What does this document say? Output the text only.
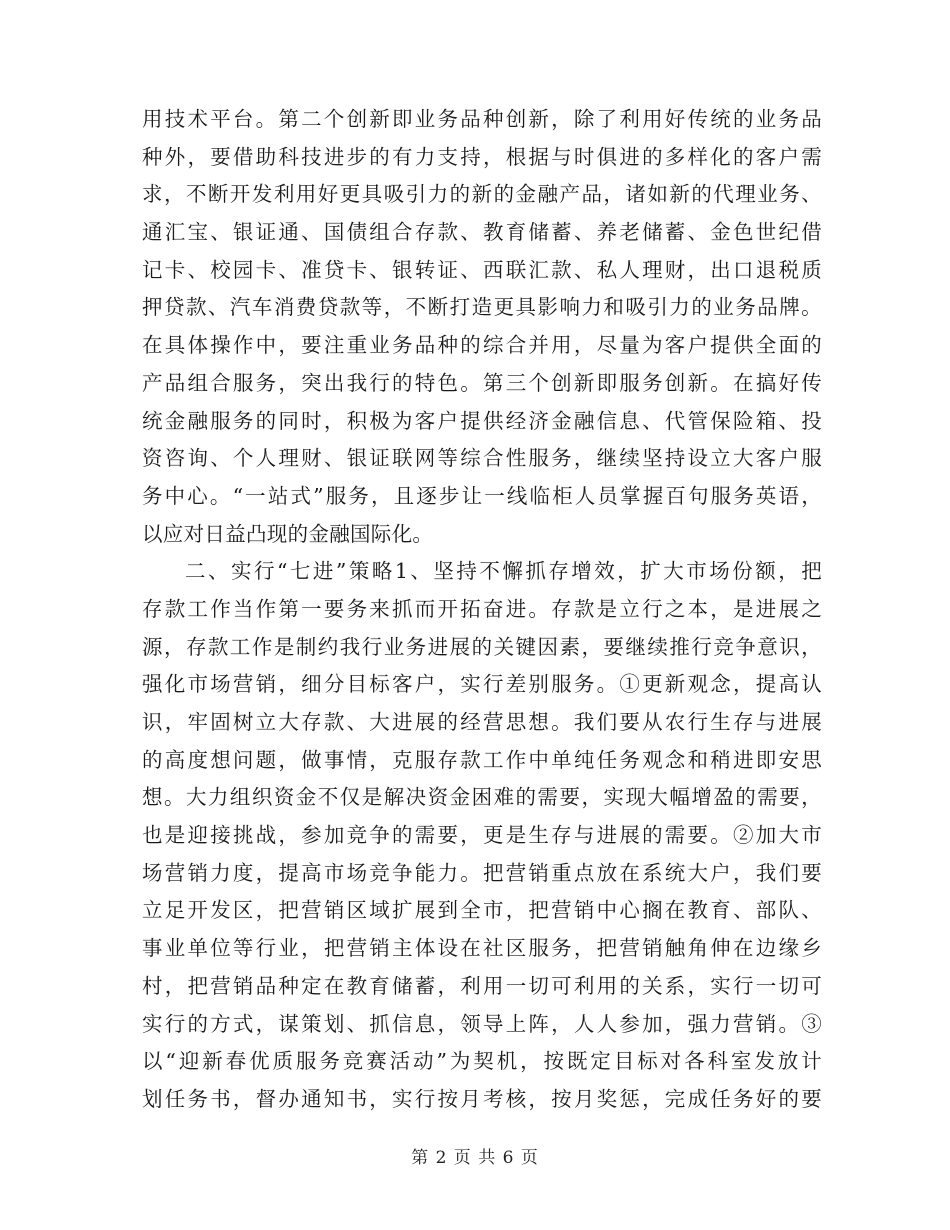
用技术平台。第二个创新即业务品种创新，除了利用好传统的业务品
种外，要借助科技进步的有力支持，根据与时俱进的多样化的客户需
求，不断开发利用好更具吸引力的新的金融产品，诸如新的代理业务、
通汇宝、银证通、国债组合存款、教育储蓄、养老储蓄、金色世纪借
记卡、校园卡、准贷卡、银转证、西联汇款、私人理财，出口退税质
押贷款、汽车消费贷款等，不断打造更具影响力和吸引力的业务品牌。
在具体操作中，要注重业务品种的综合并用，尽量为客户提供全面的
产品组合服务，突出我行的特色。第三个创新即服务创新。在搞好传
统金融服务的同时，积极为客户提供经济金融信息、代管保险箱、投
资咨询、个人理财、银证联网等综合性服务，继续坚持设立大客户服
务中心。“一站式”服务，且逐步让一线临柜人员掌握百句服务英语，
以应对日益凸现的金融国际化。
二、实行“七进”策略1、坚持不懈抓存增效，扩大市场份额，把
存款工作当作第一要务来抓而开拓奋进。存款是立行之本，是进展之
源，存款工作是制约我行业务进展的关键因素，要继续推行竞争意识，
强化市场营销，细分目标客户，实行差别服务。①更新观念，提高认
识，牢固树立大存款、大进展的经营思想。我们要从农行生存与进展
的高度想问题，做事情，克服存款工作中单纯任务观念和稍进即安思
想。大力组织资金不仅是解决资金困难的需要，实现大幅增盈的需要，
也是迎接挑战，参加竞争的需要，更是生存与进展的需要。②加大市
场营销力度，提高市场竞争能力。把营销重点放在系统大户，我们要
立足开发区，把营销区域扩展到全市，把营销中心搁在教育、部队、
事业单位等行业，把营销主体设在社区服务，把营销触角伸在边缘乡
村，把营销品种定在教育储蓄，利用一切可利用的关系，实行一切可
实行的方式，谋策划、抓信息，领导上阵，人人参加，强力营销。③
以“迎新春优质服务竞赛活动”为契机，按既定目标对各科室发放计
划任务书，督办通知书，实行按月考核，按月奖惩，完成任务好的要
第 2 页 共 6 页
